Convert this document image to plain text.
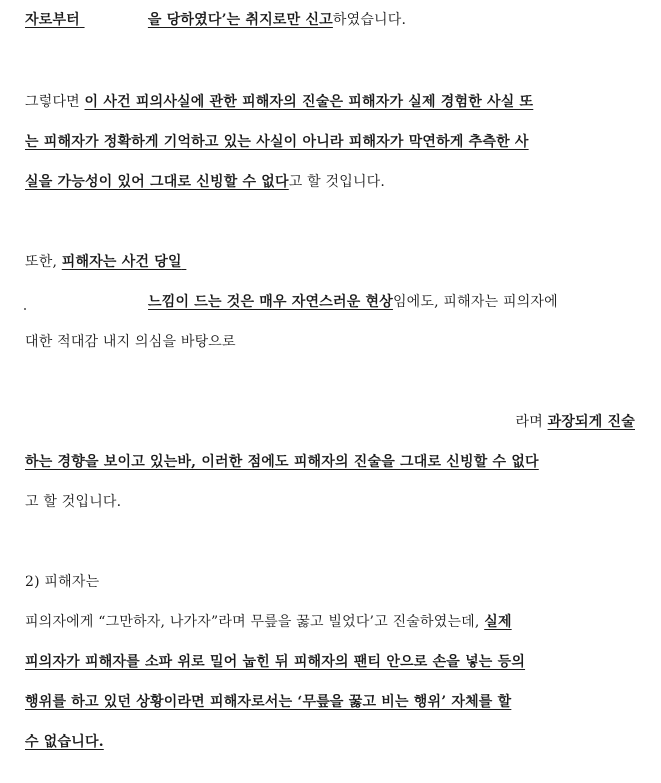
자로부터	을 당하였다’는 취지로만 신고하였습니다.
그렇다면 이 사건 피의사실에 관한 피해자의 진술은 피해자가 실제 경험한 사실 또
는 피해자가 정확하게 기억하고 있는 사실이 아니라 피해자가 막연하게 추측한 사
실을 가능성이 있어 그대로 신빙할 수 없다고 할 것입니다.
또한, 피해자는 사건 당일
느낌이 드는 것은 매우 자연스러운 현상임에도, 피해자는 피의자에
대한 적대감 내지 의심을 바탕으로
라며 과장되게 진술
하는 경향을 보이고 있는바, 이러한 점에도 피해자의 진술을 그대로 신빙할 수 없다
고 할 것입니다.
2) 피해자는
피의자에게 “그만하자, 나가자”라며 무릎을 꿇고 빌었다’고 진술하였는데, 실제
피의자가 피해자를 소파 위로 밀어 눕힌 뒤 피해자의 팬티 안으로 손을 넣는 등의
행위를 하고 있던 상황이라면 피해자로서는 ‘무릎을 꿇고 비는 행위’ 자체를 할
수 없습니다.
